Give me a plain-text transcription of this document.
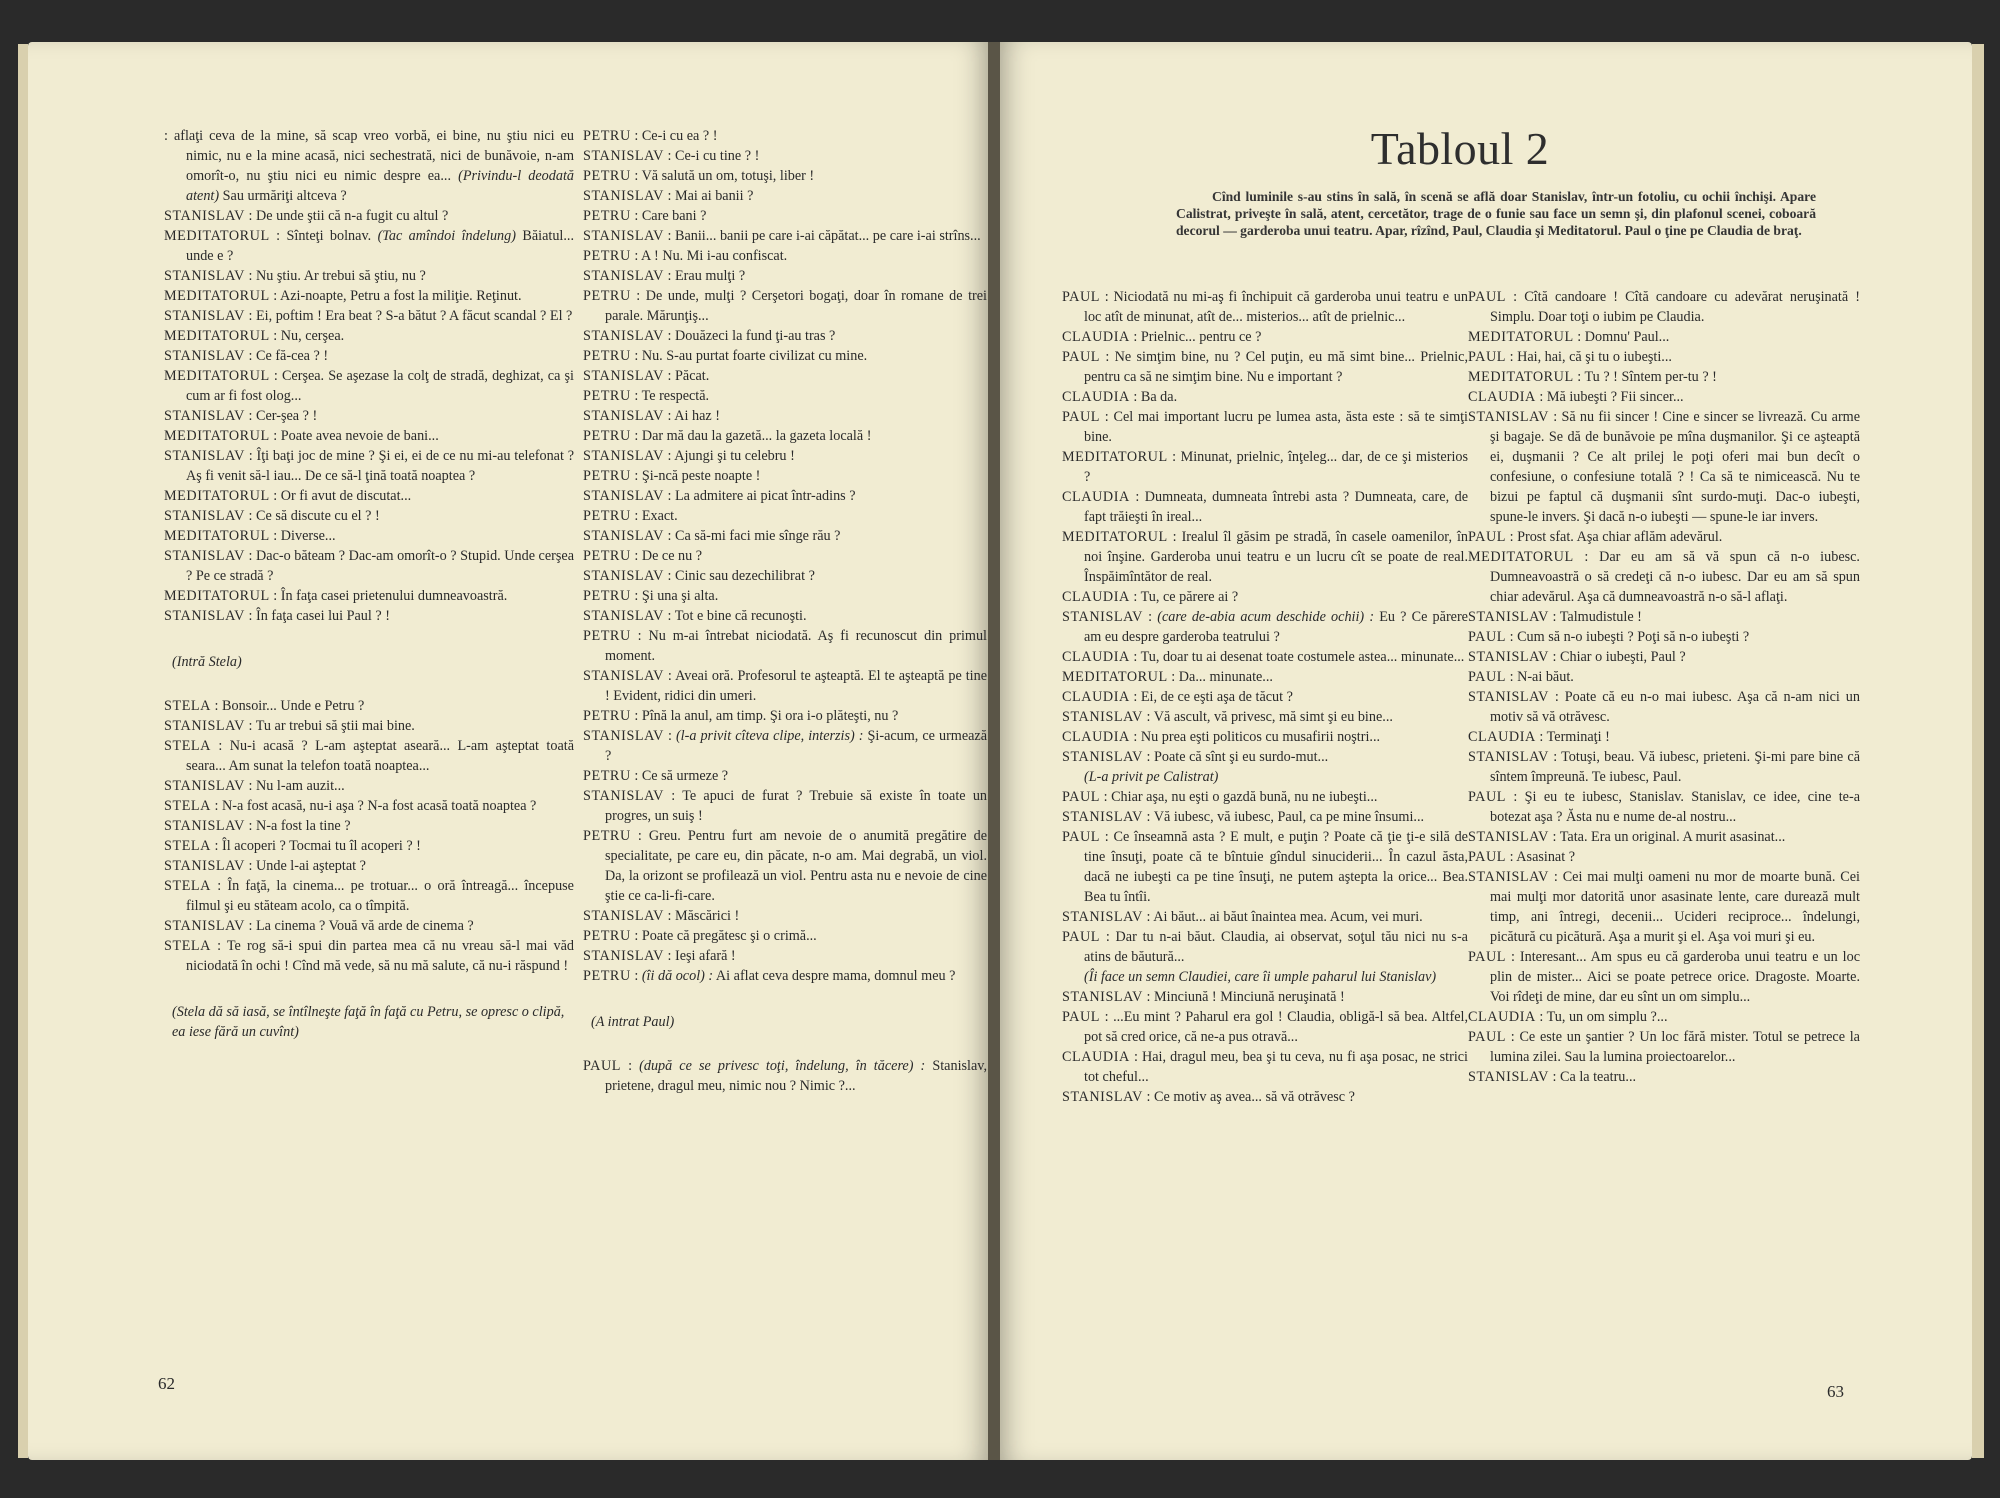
: aflaţi ceva de la mine, să scap vreo vorbă, ei bine, nu ştiu nici eu nimic, nu e la mine acasă, nici sechestrată, nici de bunăvoie, n-am omorît-o, nu ştiu nici eu nimic despre ea... (Privindu-l deodată atent) Sau urmăriţi altceva ?

STANISLAV : De unde ştii că n-a fugit cu altul ?

MEDITATORUL : Sînteţi bolnav. (Tac amîndoi îndelung) Băiatul... unde e ?

STANISLAV : Nu ştiu. Ar trebui să ştiu, nu ?

MEDITATORUL : Azi-noapte, Petru a fost la miliţie. Reţinut.

STANISLAV : Ei, poftim ! Era beat ? S-a bătut ? A făcut scandal ? El ?

MEDITATORUL : Nu, cerşea.

STANISLAV : Ce fă-cea ? !

MEDITATORUL : Cerşea. Se aşezase la colţ de stradă, deghizat, ca şi cum ar fi fost olog...

STANISLAV : Cer-şea ? !

MEDITATORUL : Poate avea nevoie de bani...

STANISLAV : Îţi baţi joc de mine ? Şi ei, ei de ce nu mi-au telefonat ? Aş fi venit să-l iau... De ce să-l ţină toată noaptea ?

MEDITATORUL : Or fi avut de discutat...

STANISLAV : Ce să discute cu el ? !

MEDITATORUL : Diverse...

STANISLAV : Dac-o băteam ? Dac-am omorît-o ? Stupid. Unde cerşea ? Pe ce stradă ?

MEDITATORUL : În faţa casei prietenului dumneavoastră.

STANISLAV : În faţa casei lui Paul ? !

(Intră Stela)

STELA : Bonsoir... Unde e Petru ?

STANISLAV : Tu ar trebui să ştii mai bine.

STELA : Nu-i acasă ? L-am aşteptat aseară... L-am aşteptat toată seara... Am sunat la telefon toată noaptea...

STANISLAV : Nu l-am auzit...

STELA : N-a fost acasă, nu-i aşa ? N-a fost acasă toată noaptea ?

STANISLAV : N-a fost la tine ?

STELA : Îl acoperi ? Tocmai tu îl acoperi ? !

STANISLAV : Unde l-ai aşteptat ?

STELA : În faţă, la cinema... pe trotuar... o oră întreagă... începuse filmul şi eu stăteam acolo, ca o tîmpită.

STANISLAV : La cinema ? Vouă vă arde de cinema ?

STELA : Te rog să-i spui din partea mea că nu vreau să-l mai văd niciodată în ochi ! Cînd mă vede, să nu mă salute, că nu-i răspund !

(Stela dă să iasă, se întîlneşte faţă în faţă cu Petru, se opresc o clipă, ea iese fără un cuvînt)

PETRU : Ce-i cu ea ? !

STANISLAV : Ce-i cu tine ? !

PETRU : Vă salută un om, totuşi, liber !

STANISLAV : Mai ai banii ?

PETRU : Care bani ?

STANISLAV : Banii... banii pe care i-ai căpătat... pe care i-ai strîns...

PETRU : A ! Nu. Mi i-au confiscat.

STANISLAV : Erau mulţi ?

PETRU : De unde, mulţi ? Cerşetori bogaţi, doar în romane de trei parale. Mărunţiş...

STANISLAV : Douăzeci la fund ţi-au tras ?

PETRU : Nu. S-au purtat foarte civilizat cu mine.

STANISLAV : Păcat.

PETRU : Te respectă.

STANISLAV : Ai haz !

PETRU : Dar mă dau la gazetă... la gazeta locală !

STANISLAV : Ajungi şi tu celebru !

PETRU : Şi-ncă peste noapte !

STANISLAV : La admitere ai picat într-adins ?

PETRU : Exact.

STANISLAV : Ca să-mi faci mie sînge rău ?

PETRU : De ce nu ?

STANISLAV : Cinic sau dezechilibrat ?

PETRU : Şi una şi alta.

STANISLAV : Tot e bine că recunoşti.

PETRU : Nu m-ai întrebat niciodată. Aş fi recunoscut din primul moment.

STANISLAV : Aveai oră. Profesorul te aşteaptă. El te aşteaptă pe tine ! Evident, ridici din umeri.

PETRU : Pînă la anul, am timp. Şi ora i-o plăteşti, nu ?

STANISLAV : (l-a privit cîteva clipe, interzis) : Şi-acum, ce urmează ?

PETRU : Ce să urmeze ?

STANISLAV : Te apuci de furat ? Trebuie să existe în toate un progres, un suiş !

PETRU : Greu. Pentru furt am nevoie de o anumită pregătire de specialitate, pe care eu, din păcate, n-o am. Mai degrabă, un viol. Da, la orizont se profilează un viol. Pentru asta nu e nevoie de cine ştie ce ca-li-fi-care.

STANISLAV : Măscărici !

PETRU : Poate că pregătesc şi o crimă...

STANISLAV : Ieşi afară !

PETRU : (îi dă ocol) : Ai aflat ceva despre mama, domnul meu ?

(A intrat Paul)

PAUL : (după ce se privesc toţi, îndelung, în tăcere) : Stanislav, prietene, dragul meu, nimic nou ? Nimic ?...

62

PAUL : Niciodată nu mi-aş fi închipuit că garderoba unui teatru e un loc atît de minunat, atît de... misterios... atît de prielnic...

CLAUDIA : Prielnic... pentru ce ?

PAUL : Ne simţim bine, nu ? Cel puţin, eu mă simt bine... Prielnic, pentru ca să ne simţim bine. Nu e important ?

CLAUDIA : Ba da.

PAUL : Cel mai important lucru pe lumea asta, ăsta este : să te simţi bine.

MEDITATORUL : Minunat, prielnic, înţeleg... dar, de ce şi misterios ?

CLAUDIA : Dumneata, dumneata întrebi asta ? Dumneata, care, de fapt trăieşti în ireal...

MEDITATORUL : Irealul îl găsim pe stradă, în casele oamenilor, în noi înşine. Garderoba unui teatru e un lucru cît se poate de real. Înspăimîntător de real.

CLAUDIA : Tu, ce părere ai ?

STANISLAV : (care de-abia acum deschide ochii) : Eu ? Ce părere am eu despre garderoba teatrului ?

CLAUDIA : Tu, doar tu ai desenat toate costumele astea... minunate...

MEDITATORUL : Da... minunate...

CLAUDIA : Ei, de ce eşti aşa de tăcut ?

STANISLAV : Vă ascult, vă privesc, mă simt şi eu bine...

CLAUDIA : Nu prea eşti politicos cu musafirii noştri...

STANISLAV : Poate că sînt şi eu surdo-mut...

(L-a privit pe Calistrat)

PAUL : Chiar aşa, nu eşti o gazdă bună, nu ne iubeşti...

STANISLAV : Vă iubesc, vă iubesc, Paul, ca pe mine însumi...

PAUL : Ce înseamnă asta ? E mult, e puţin ? Poate că ţie ţi-e silă de tine însuţi, poate că te bîntuie gîndul sinuciderii... În cazul ăsta, dacă ne iubeşti ca pe tine însuţi, ne putem aştepta la orice... Bea. Bea tu întîi.

STANISLAV : Ai băut... ai băut înaintea mea. Acum, vei muri.

PAUL : Dar tu n-ai băut. Claudia, ai observat, soţul tău nici nu s-a atins de băutură...

(Îi face un semn Claudiei, care îi umple paharul lui Stanislav)

STANISLAV : Minciună ! Minciună neruşinată !

PAUL : ...Eu mint ? Paharul era gol ! Claudia, obligă-l să bea. Altfel, pot să cred orice, că ne-a pus otravă...

CLAUDIA : Hai, dragul meu, bea şi tu ceva, nu fi aşa posac, ne strici tot cheful...

STANISLAV : Ce motiv aş avea... să vă otrăvesc ?

PAUL : Cîtă candoare ! Cîtă candoare cu adevărat neruşinată ! Simplu. Doar toţi o iubim pe Claudia.

MEDITATORUL : Domnu' Paul...

PAUL : Hai, hai, că şi tu o iubeşti...

MEDITATORUL : Tu ? ! Sîntem per-tu ? !

CLAUDIA : Mă iubeşti ? Fii sincer...

STANISLAV : Să nu fii sincer ! Cine e sincer se livrează. Cu arme şi bagaje. Se dă de bunăvoie pe mîna duşmanilor. Şi ce aşteaptă ei, duşmanii ? Ce alt prilej le poţi oferi mai bun decît o confesiune, o confesiune totală ? ! Ca să te nimicească. Nu te bizui pe faptul că duşmanii sînt surdo-muţi. Dac-o iubeşti, spune-le invers. Şi dacă n-o iubeşti — spune-le iar invers.

PAUL : Prost sfat. Aşa chiar aflăm adevărul.

MEDITATORUL : Dar eu am să vă spun că n-o iubesc. Dumneavoastră o să credeţi că n-o iubesc. Dar eu am să spun chiar adevărul. Aşa că dumneavoastră n-o să-l aflaţi.

STANISLAV : Talmudistule !

PAUL : Cum să n-o iubeşti ? Poţi să n-o iubeşti ?

STANISLAV : Chiar o iubeşti, Paul ?

PAUL : N-ai băut.

STANISLAV : Poate că eu n-o mai iubesc. Aşa că n-am nici un motiv să vă otrăvesc.

CLAUDIA : Terminaţi !

STANISLAV : Totuşi, beau. Vă iubesc, prieteni. Şi-mi pare bine că sîntem împreună. Te iubesc, Paul.

PAUL : Şi eu te iubesc, Stanislav. Stanislav, ce idee, cine te-a botezat aşa ? Ăsta nu e nume de-al nostru...

STANISLAV : Tata. Era un original. A murit asasinat...

PAUL : Asasinat ?

STANISLAV : Cei mai mulţi oameni nu mor de moarte bună. Cei mai mulţi mor datorită unor asasinate lente, care durează mult timp, ani întregi, decenii... Ucideri reciproce... îndelungi, picătură cu picătură. Aşa a murit şi el. Aşa voi muri şi eu.

PAUL : Interesant... Am spus eu că garderoba unui teatru e un loc plin de mister... Aici se poate petrece orice. Dragoste. Moarte. Voi rîdeţi de mine, dar eu sînt un om simplu...

CLAUDIA : Tu, un om simplu ?...

PAUL : Ce este un şantier ? Un loc fără mister. Totul se petrece la lumina zilei. Sau la lumina proiectoarelor...

STANISLAV : Ca la teatru...

63
Tabloul 2

Cînd luminile s-au stins în sală, în scenă se află doar Stanislav, într-un fotoliu, cu ochii închişi. Apare Calistrat, priveşte în sală, atent, cercetător, trage de o funie sau face un semn şi, din plafonul scenei, coboară decorul — garderoba unui teatru. Apar, rîzînd, Paul, Claudia şi Meditatorul. Paul o ţine pe Claudia de braţ.
